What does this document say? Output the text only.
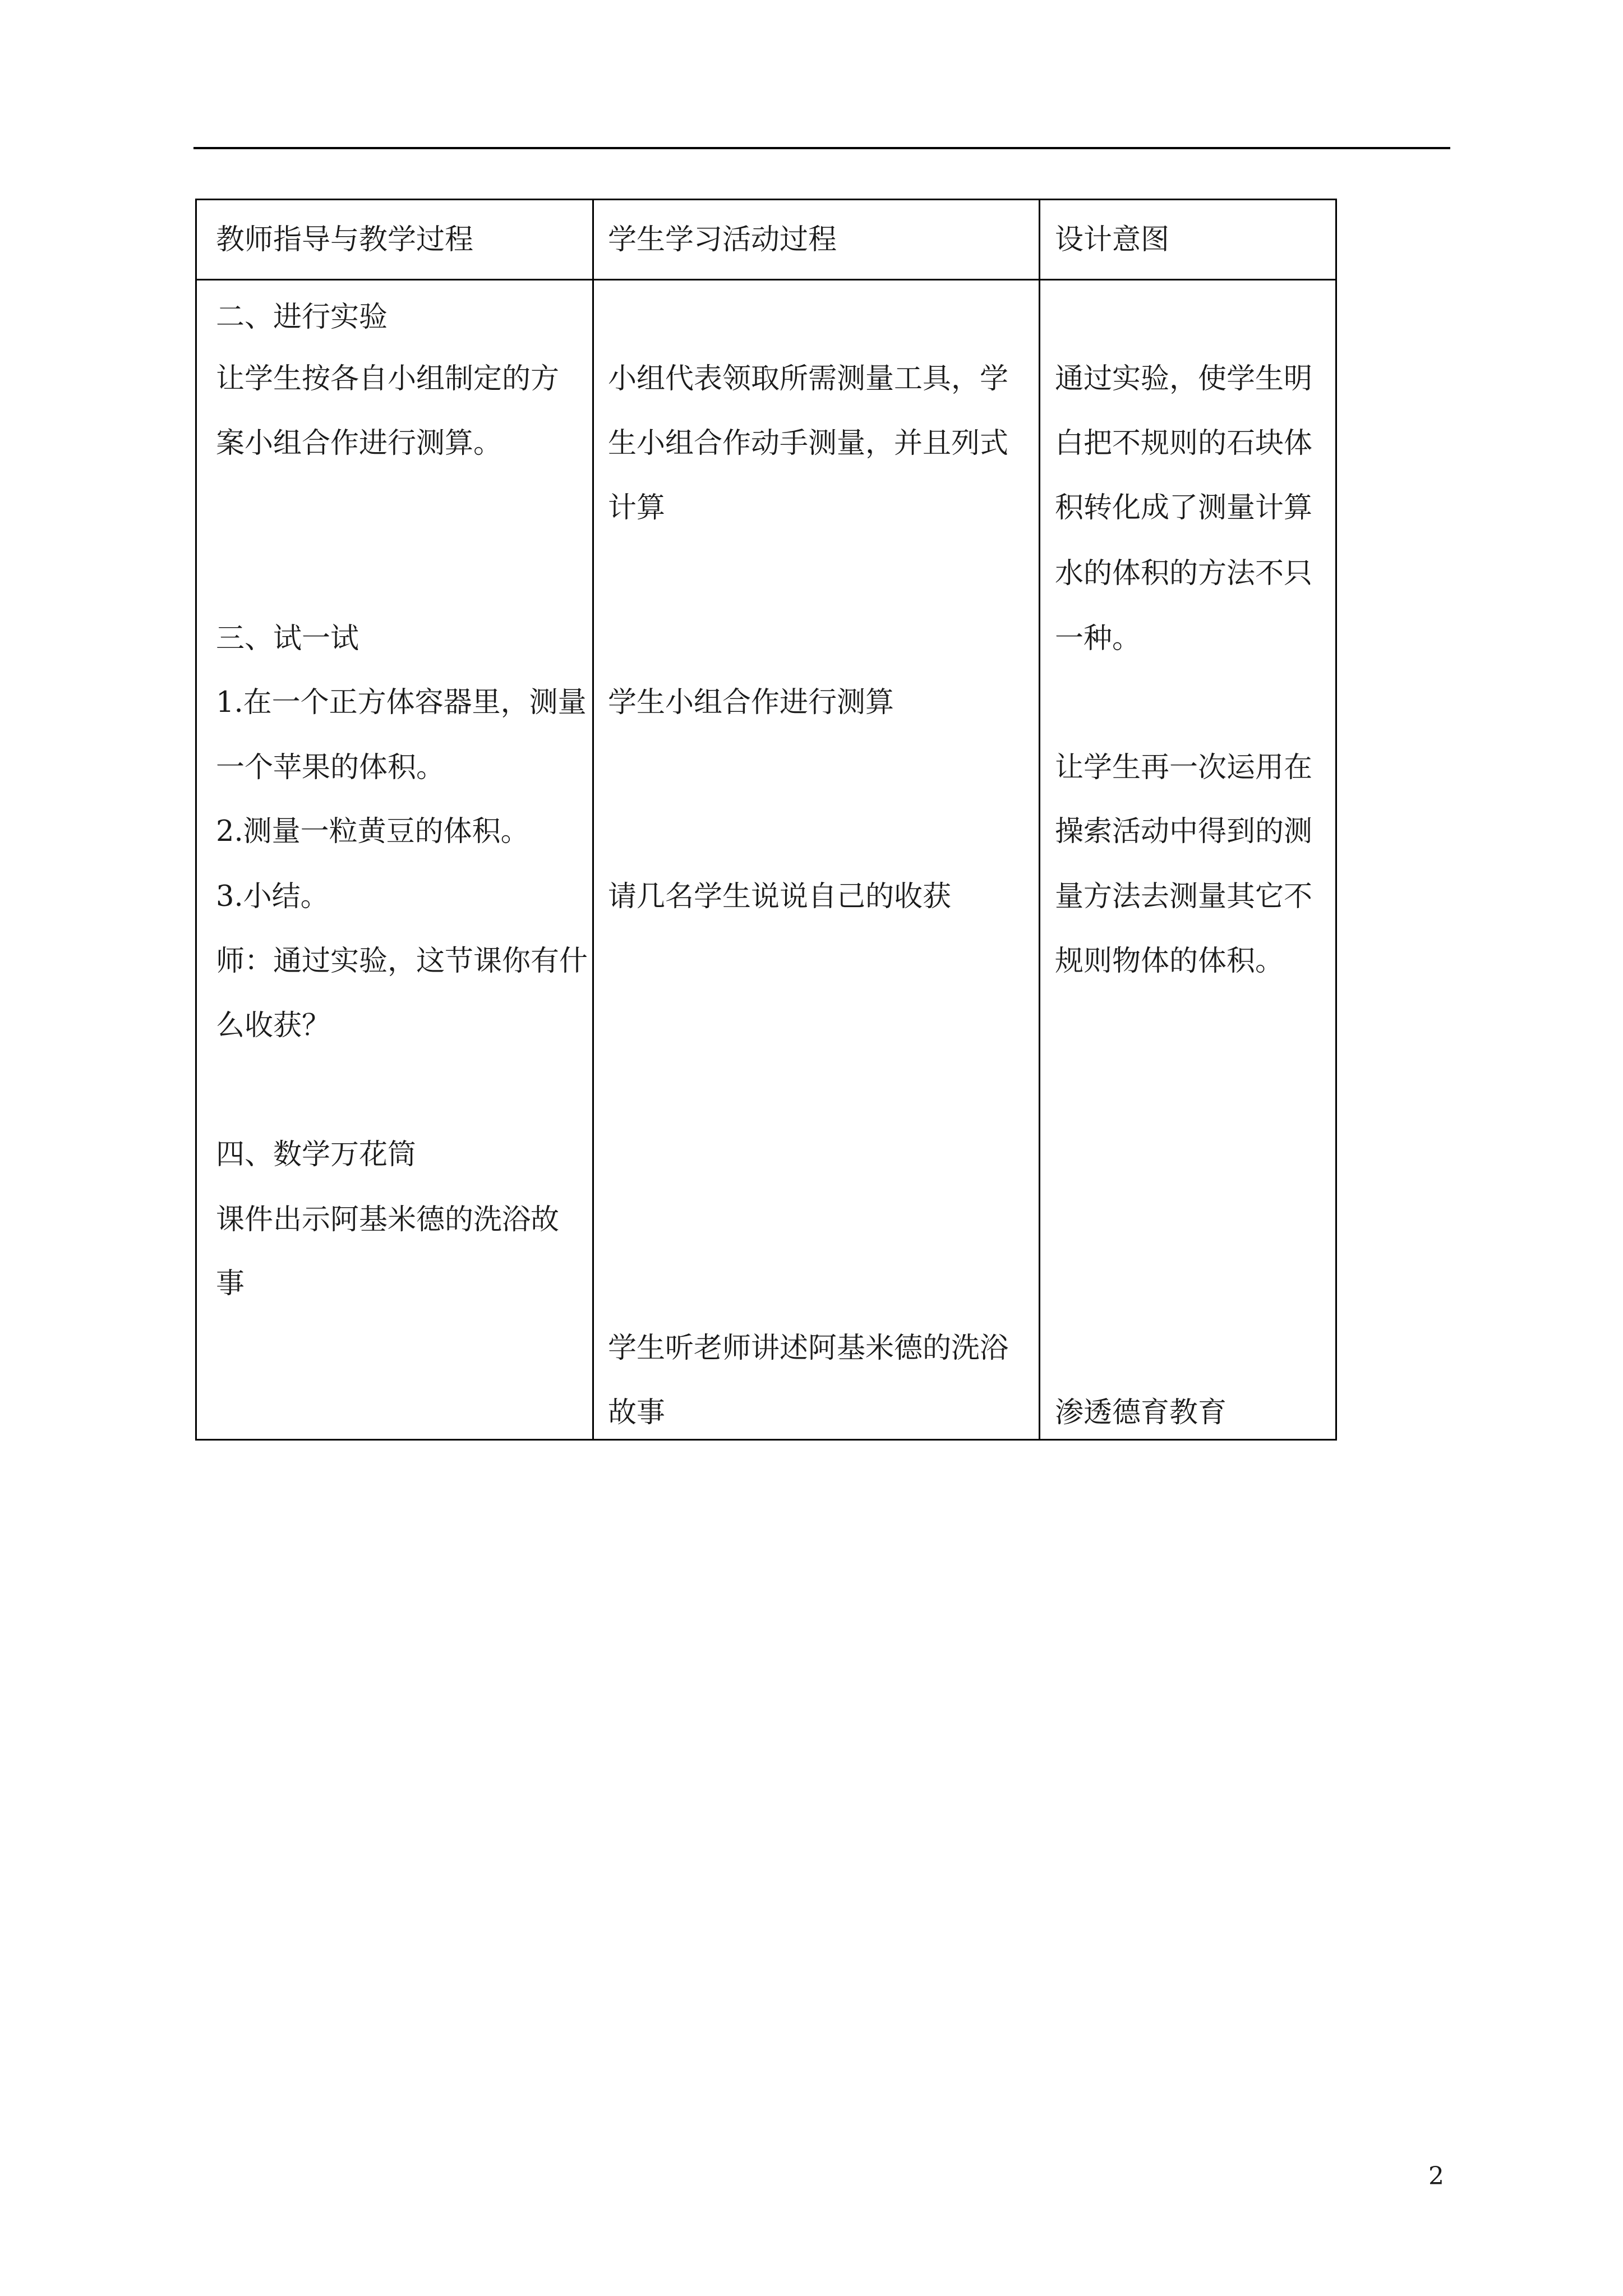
教师指导与教学过程	学生学习活动过程	设计意图
二、进行实验
让学生按各自小组制定的方
案小组合作进行测算。
三、试一试
1.在一个正方体容器里，测量
一个苹果的体积。
2.测量一粒黄豆的体积。
3.小结。
师：通过实验，这节课你有什
么收获？
四、数学万花筒
课件出示阿基米德的洗浴故
事
小组代表领取所需测量工具，学
生小组合作动手测量，并且列式
计算
学生小组合作进行测算
请几名学生说说自己的收获
学生听老师讲述阿基米德的洗浴
故事
通过实验，使学生明
白把不规则的石块体
积转化成了测量计算
水的体积的方法不只
一种。
让学生再一次运用在
操索活动中得到的测
量方法去测量其它不
规则物体的体积。
渗透德育教育
2
